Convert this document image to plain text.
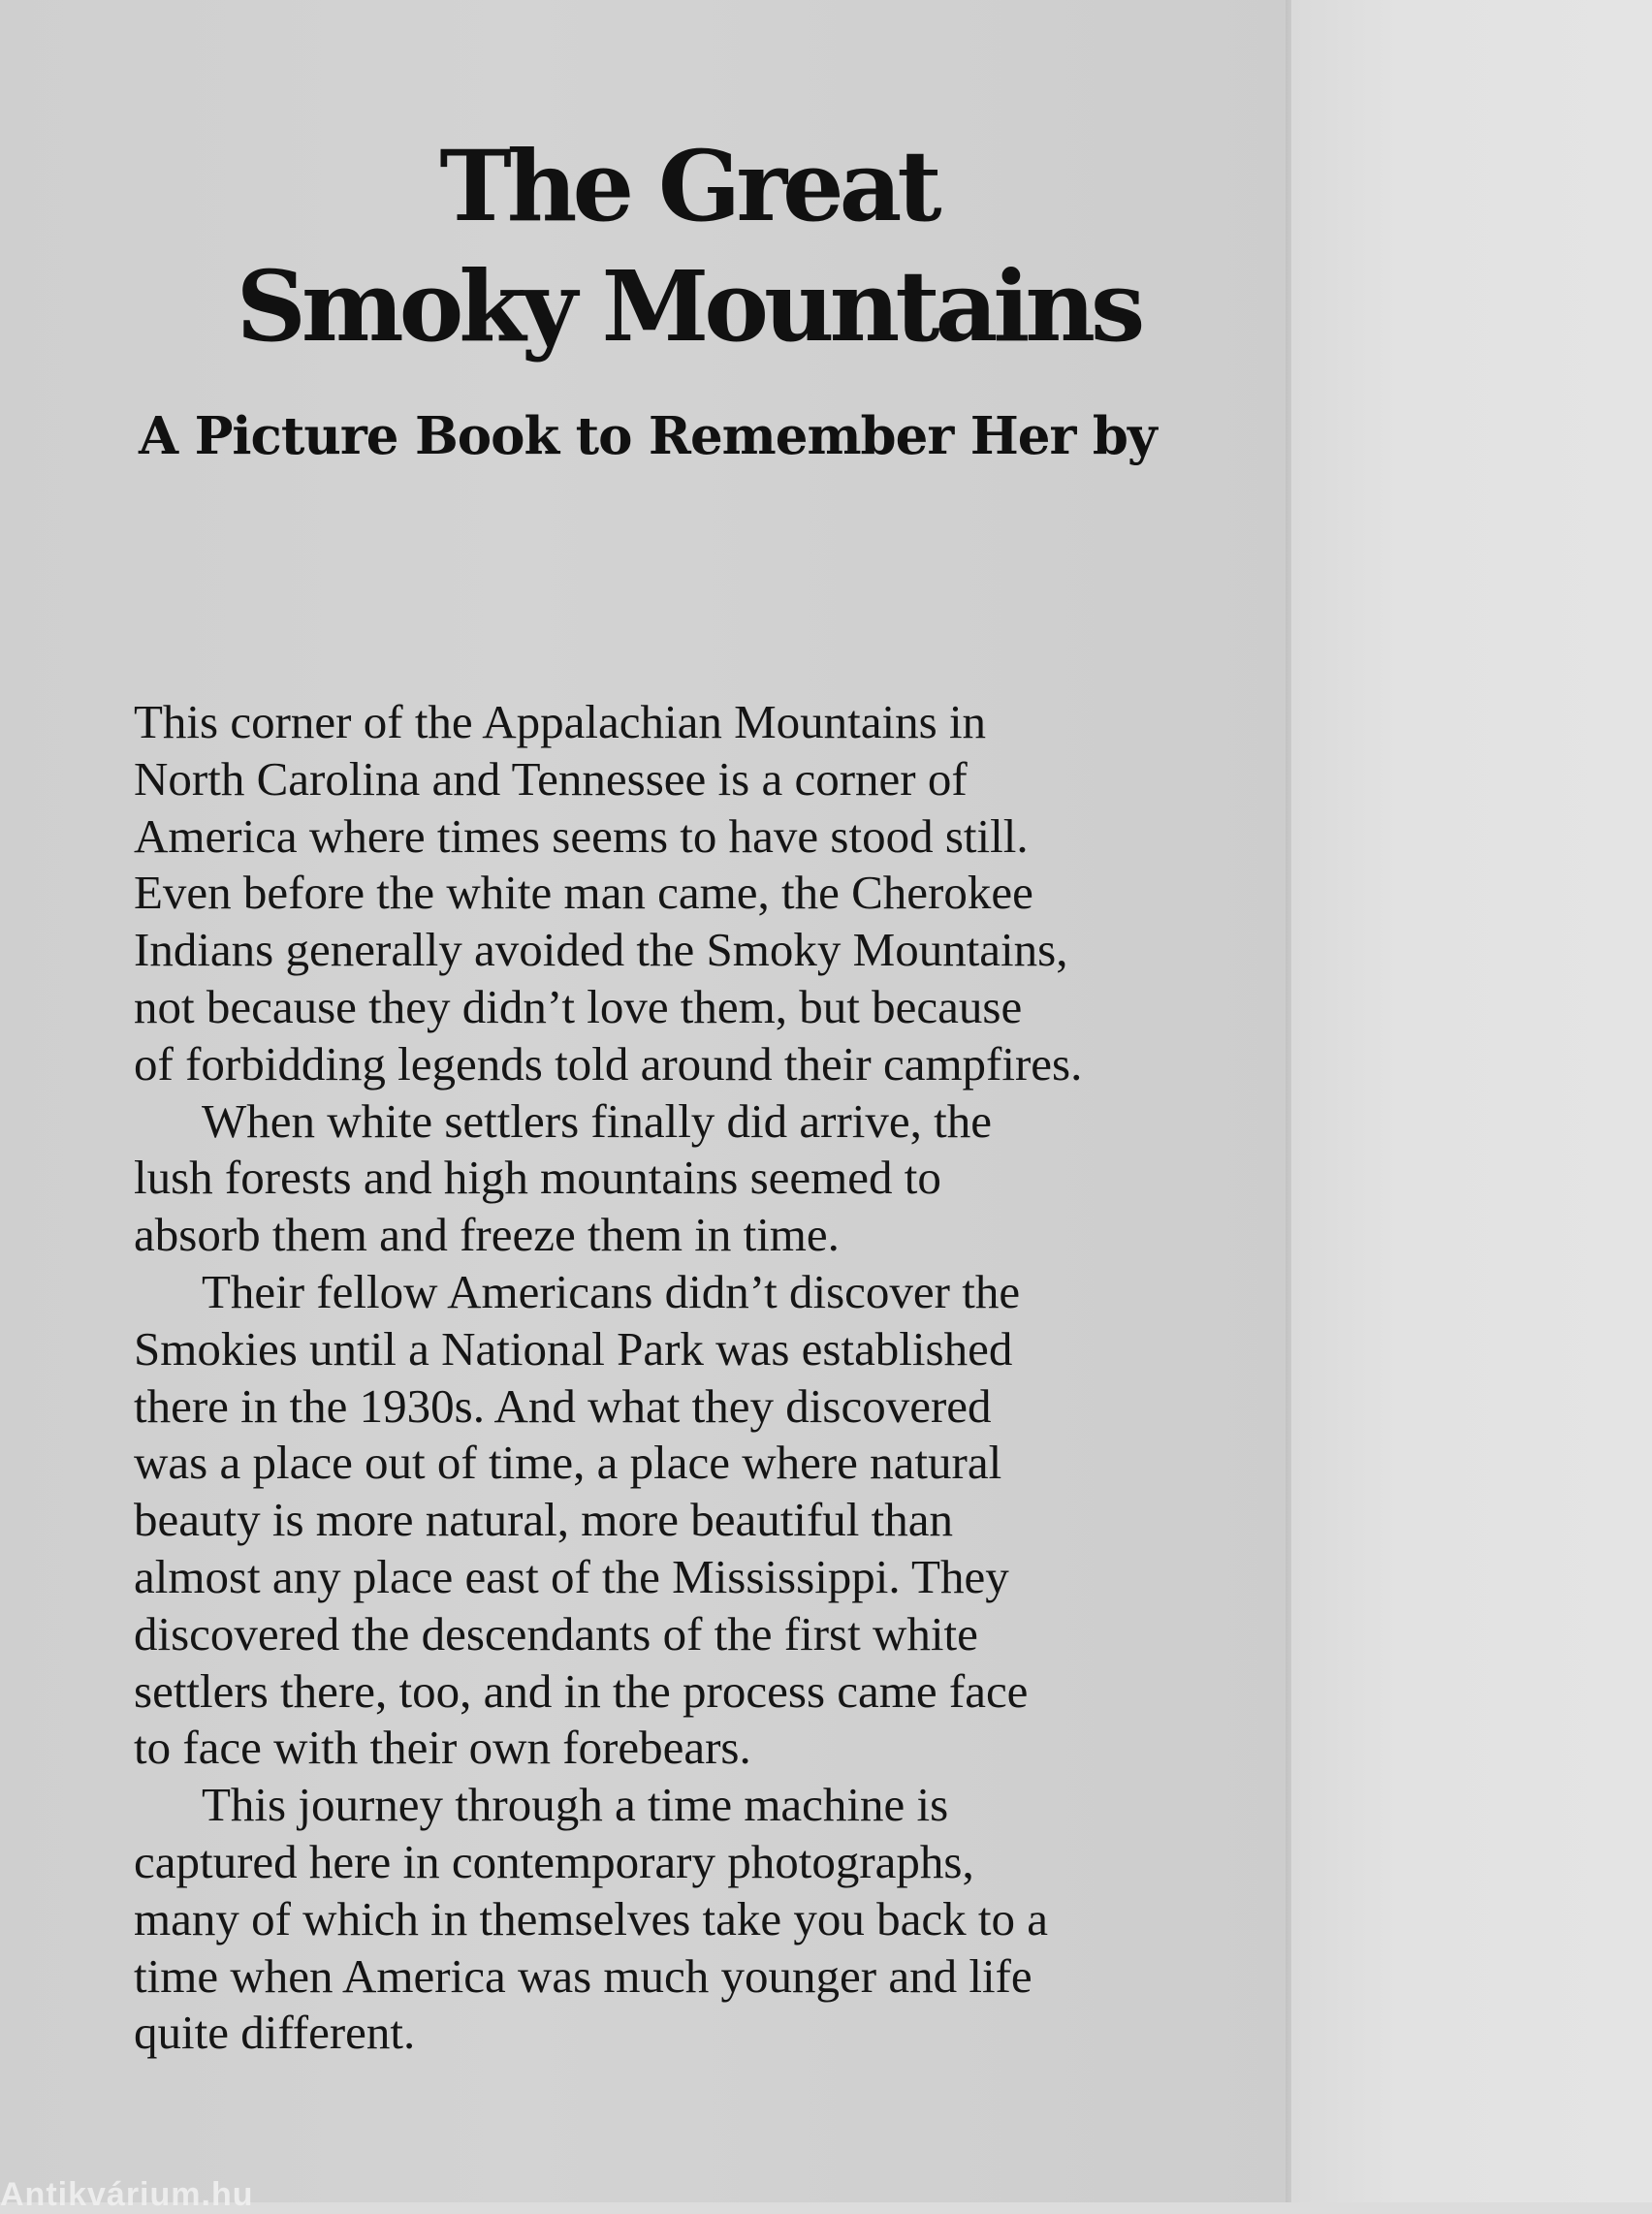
The Great
Smoky Mountains
A Picture Book to Remember Her by
This corner of the Appalachian Mountains in
North Carolina and Tennessee is a corner of
America where times seems to have stood still.
Even before the white man came, the Cherokee
Indians generally avoided the Smoky Mountains,
not because they didn’t love them, but because
of forbidding legends told around their campfires.
When white settlers finally did arrive, the
lush forests and high mountains seemed to
absorb them and freeze them in time.
Their fellow Americans didn’t discover the
Smokies until a National Park was established
there in the 1930s. And what they discovered
was a place out of time, a place where natural
beauty is more natural, more beautiful than
almost any place east of the Mississippi. They
discovered the descendants of the first white
settlers there, too, and in the process came face
to face with their own forebears.
This journey through a time machine is
captured here in contemporary photographs,
many of which in themselves take you back to a
time when America was much younger and life
quite different.
Antikvárium.hu
